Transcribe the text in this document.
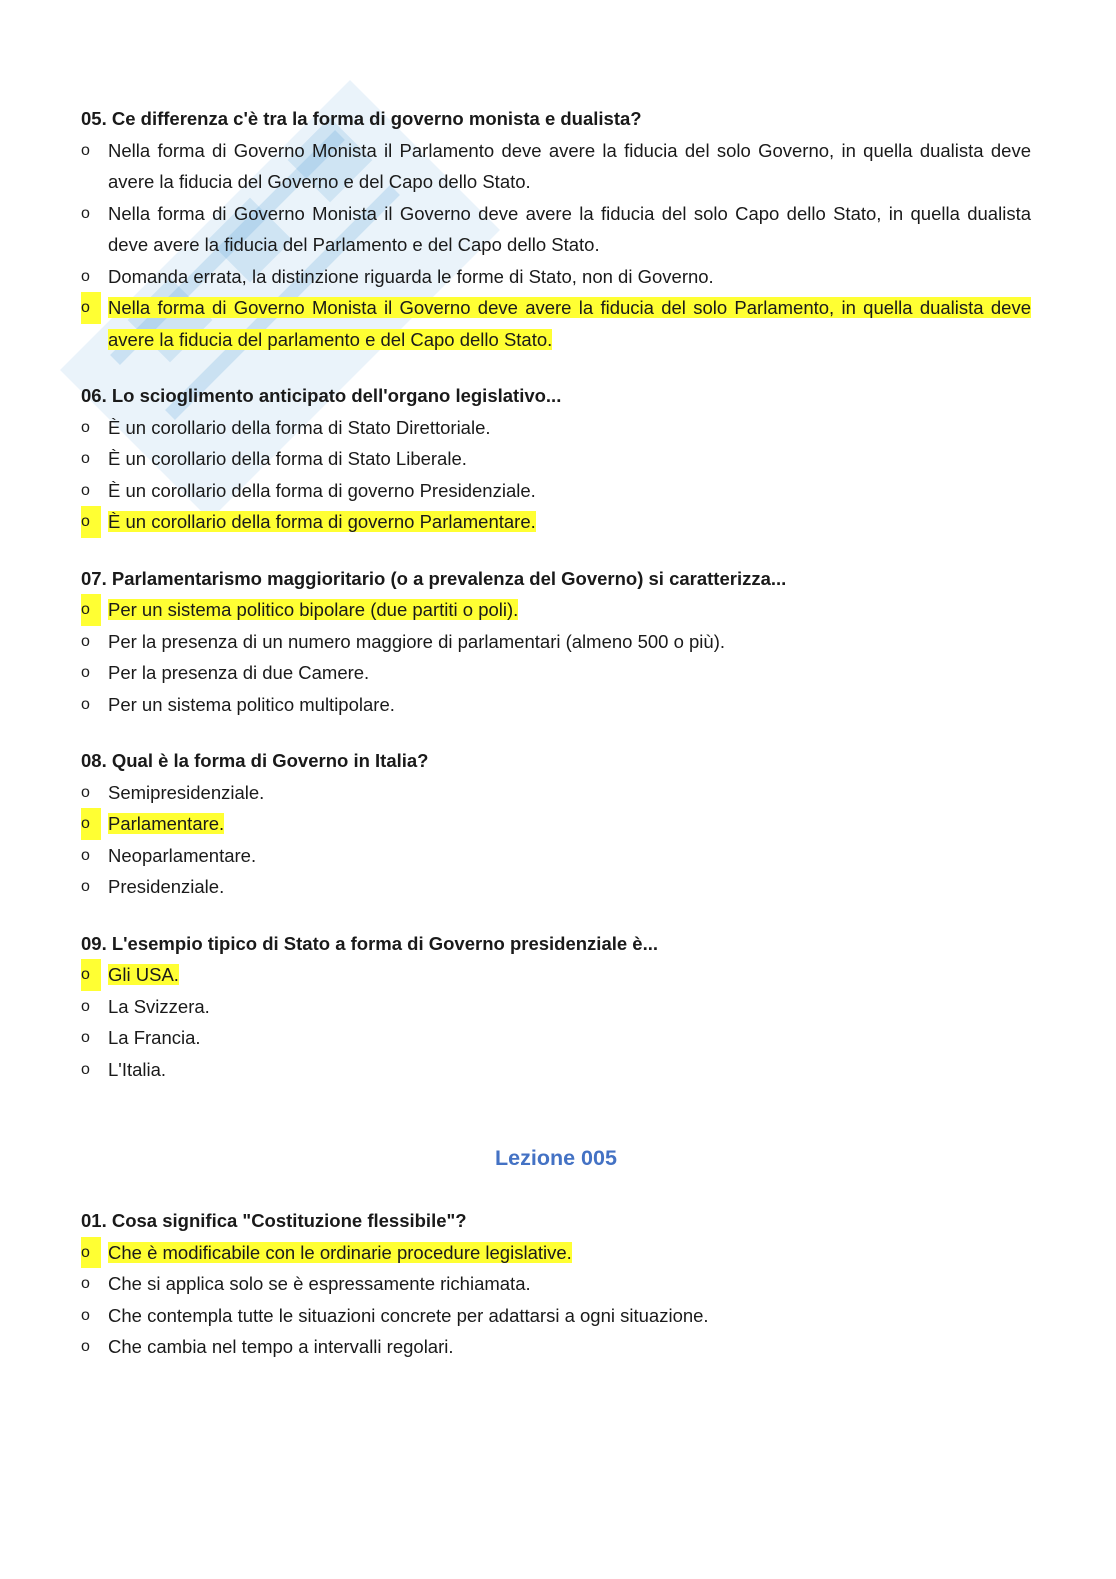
05. Ce differenza c'è tra la forma di governo monista e dualista?

o Nella forma di Governo Monista il Parlamento deve avere la fiducia del solo Governo, in quella dualista deve avere la fiducia del Governo e del Capo dello Stato.
o Nella forma di Governo Monista il Governo deve avere la fiducia del solo Capo dello Stato, in quella dualista deve avere la fiducia del Parlamento e del Capo dello Stato.
o Domanda errata, la distinzione riguarda le forme di Stato, non di Governo.
o Nella forma di Governo Monista il Governo deve avere la fiducia del solo Parlamento, in quella dualista deve avere la fiducia del parlamento e del Capo dello Stato.

06. Lo scioglimento anticipato dell'organo legislativo...

o È un corollario della forma di Stato Direttoriale.
o È un corollario della forma di Stato Liberale.
o È un corollario della forma di governo Presidenziale.
o È un corollario della forma di governo Parlamentare.

07. Parlamentarismo maggioritario (o a prevalenza del Governo) si caratterizza...

o Per un sistema politico bipolare (due partiti o poli).
o Per la presenza di un numero maggiore di parlamentari (almeno 500 o più).
o Per la presenza di due Camere.
o Per un sistema politico multipolare.

08. Qual è la forma di Governo in Italia?

o Semipresidenziale.
o Parlamentare.
o Neoparlamentare.
o Presidenziale.

09. L'esempio tipico di Stato a forma di Governo presidenziale è...

o Gli USA.
o La Svizzera.
o La Francia.
o L'Italia.
Lezione 005

01. Cosa significa "Costituzione flessibile"?

o Che è modificabile con le ordinarie procedure legislative.
o Che si applica solo se è espressamente richiamata.
o Che contempla tutte le situazioni concrete per adattarsi a ogni situazione.
o Che cambia nel tempo a intervalli regolari.
